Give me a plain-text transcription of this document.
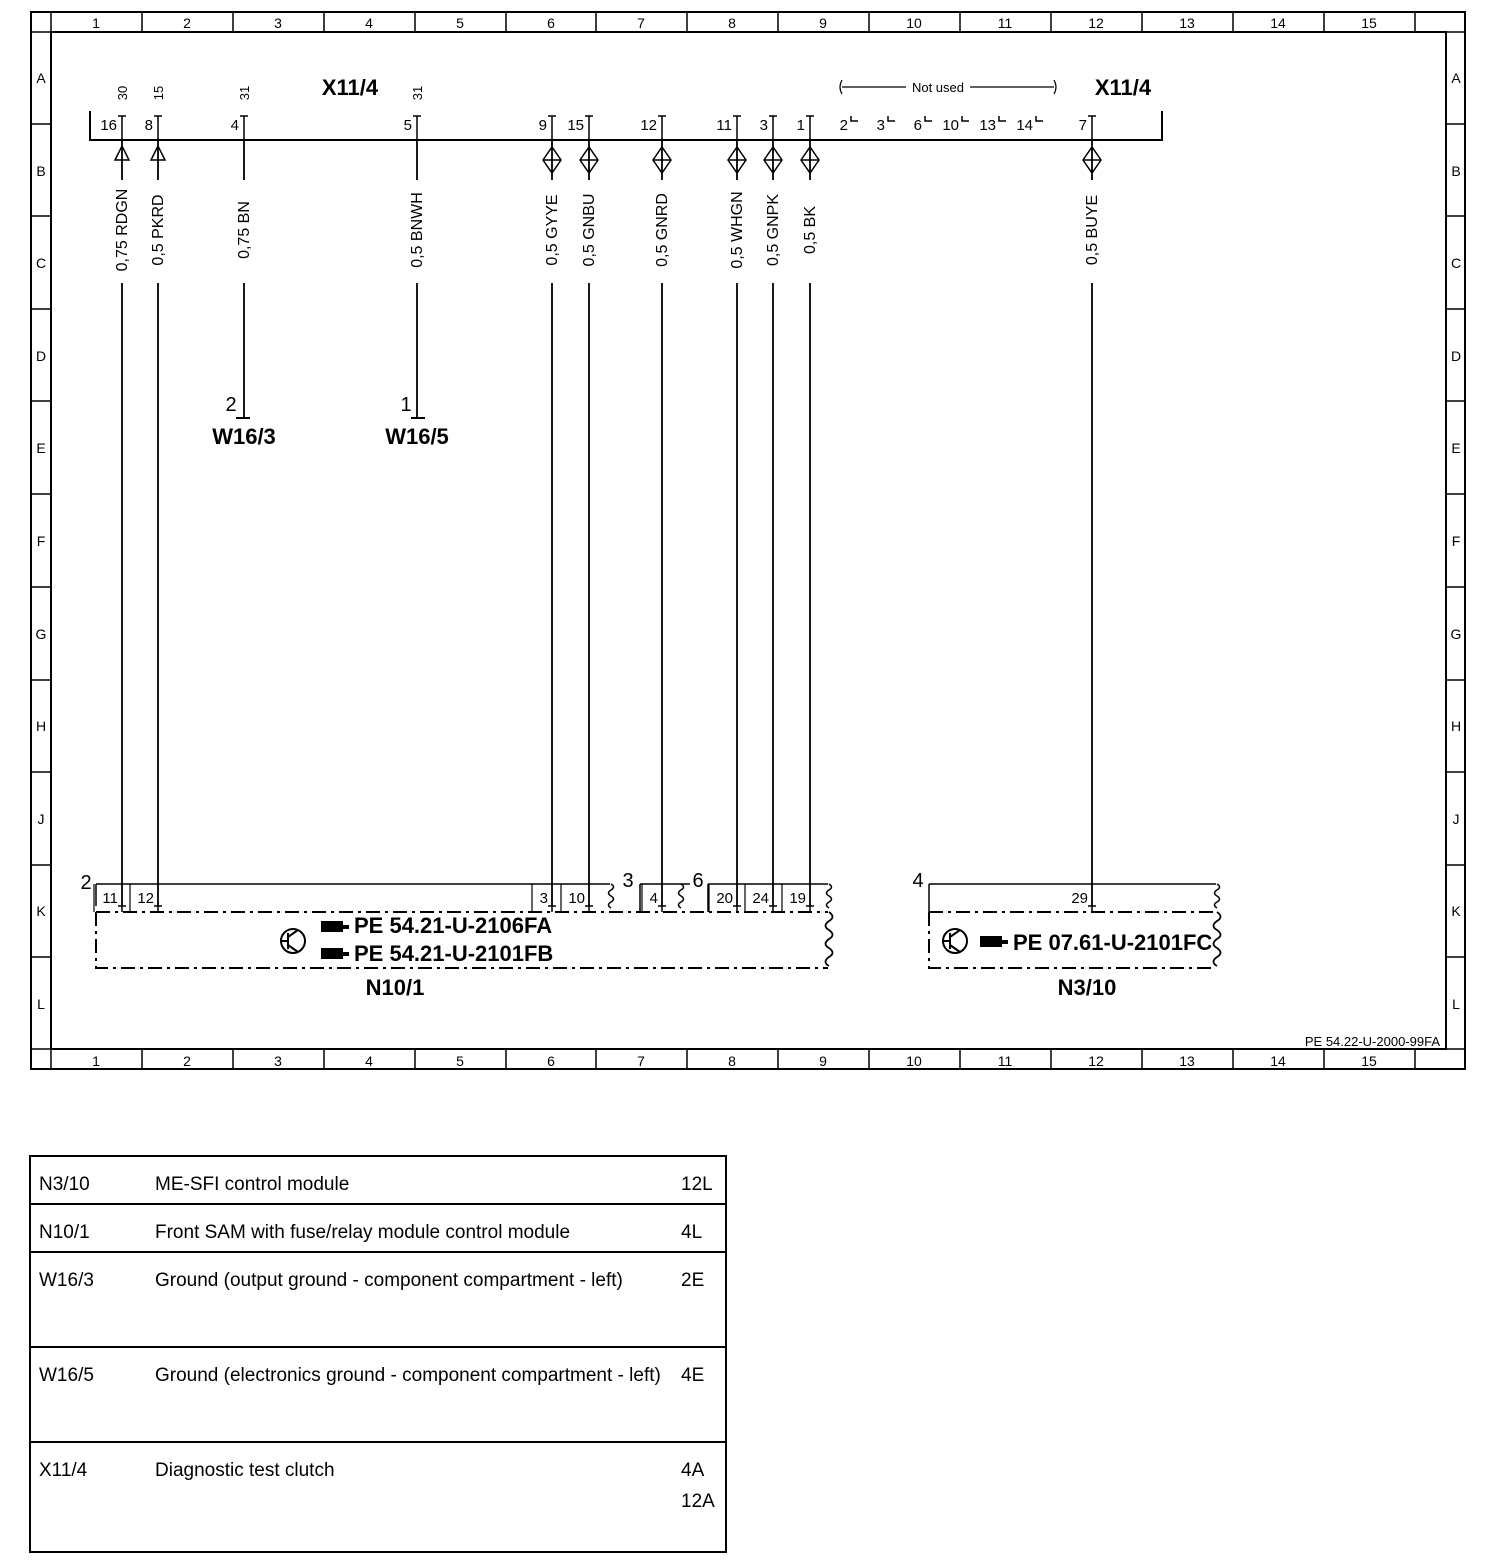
1
1
2
2
3
3
4
4
5
5
6
6
7
7
8
8
9
9
10
10
11
11
12
12
13
13
14
14
15
15
A	A
B	B
C	C
D	D
E	E
F	F
G	G
H	H
J	J
K	K
L	L
X11/4	X11/4
Not used
16
30
0,75 RDGN
8
15
0,5 PKRD
4
31
0,75 BN
5
31
0,5 BNWH
9
0,5 GYYE
15
0,5 GNBU
12
0,5 GNRD
11
0,5 WHGN
3
0,5 GNPK
1
0,5 BK
7
0,5 BUYE
2 3 6 10 13 14
2
W16/3
1
W16/5
2	3	6
PE 54.21-U-2106FA
PE 54.21-U-2101FB
N10/1
4
PE 07.61-U-2101FC
N3/10
11 12	3 10	4	20 24 19	29
PE 54.22-U-2000-99FA
N3/10	ME-SFI control module	12L

N10/1	Front SAM with fuse/relay module control module	4L

W16/3	Ground (output ground - component compartment - left)	2E

W16/5	Ground (electronics ground - component compartment - left)	4E

X11/4	Diagnostic test clutch	4A
12A
